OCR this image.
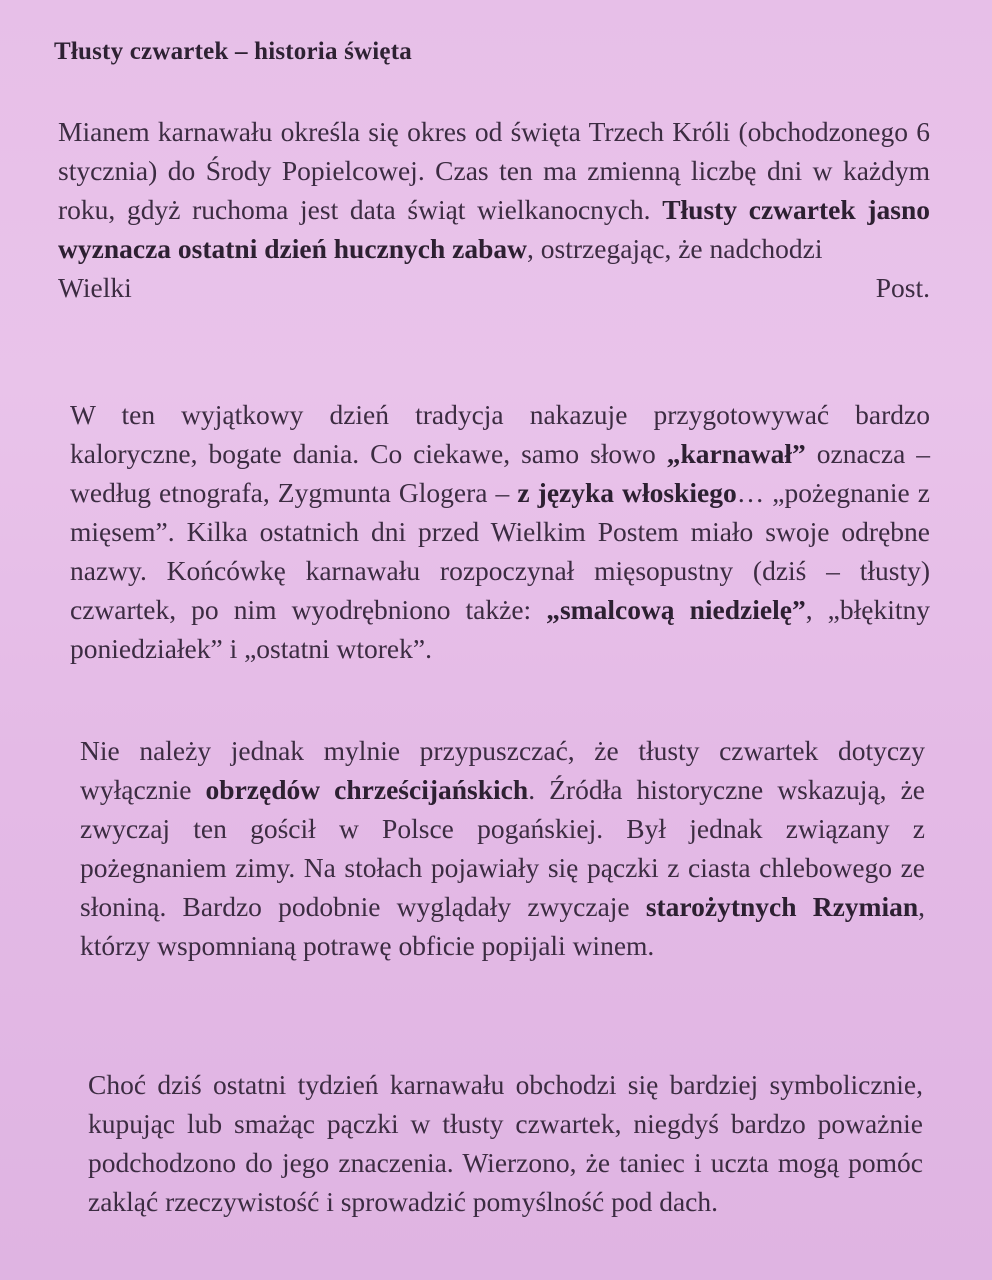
Tłusty czwartek – historia święta
Mianem karnawału określa się okres od święta Trzech Króli (obchodzonego 6 stycznia) do Środy Popielcowej. Czas ten ma zmienną liczbę dni w każdym roku, gdyż ruchoma jest data świąt wielkanocnych. Tłusty czwartek jasno wyznacza ostatni dzień hucznych zabaw, ostrzegając, że nadchodzi
Wielki	Post.
W ten wyjątkowy dzień tradycja nakazuje przygotowywać bardzo kaloryczne, bogate dania. Co ciekawe, samo słowo „karnawał” oznacza – według etnografa, Zygmunta Glogera – z języka włoskiego… „pożegnanie z mięsem”. Kilka ostatnich dni przed Wielkim Postem miało swoje odrębne nazwy. Końcówkę karnawału rozpoczynał mięsopustny (dziś – tłusty) czwartek, po nim wyodrębniono także: „smalcową niedzielę”, „błękitny poniedziałek” i „ostatni wtorek”.
Nie należy jednak mylnie przypuszczać, że tłusty czwartek dotyczy wyłącznie obrzędów chrześcijańskich. Źródła historyczne wskazują, że zwyczaj ten gościł w Polsce pogańskiej. Był jednak związany z pożegnaniem zimy. Na stołach pojawiały się pączki z ciasta chlebowego ze słoniną. Bardzo podobnie wyglądały zwyczaje starożytnych Rzymian, którzy wspomnianą potrawę obficie popijali winem.
Choć dziś ostatni tydzień karnawału obchodzi się bardziej symbolicznie, kupując lub smażąc pączki w tłusty czwartek, niegdyś bardzo poważnie podchodzono do jego znaczenia. Wierzono, że taniec i uczta mogą pomóc zakląć rzeczywistość i sprowadzić pomyślność pod dach.
